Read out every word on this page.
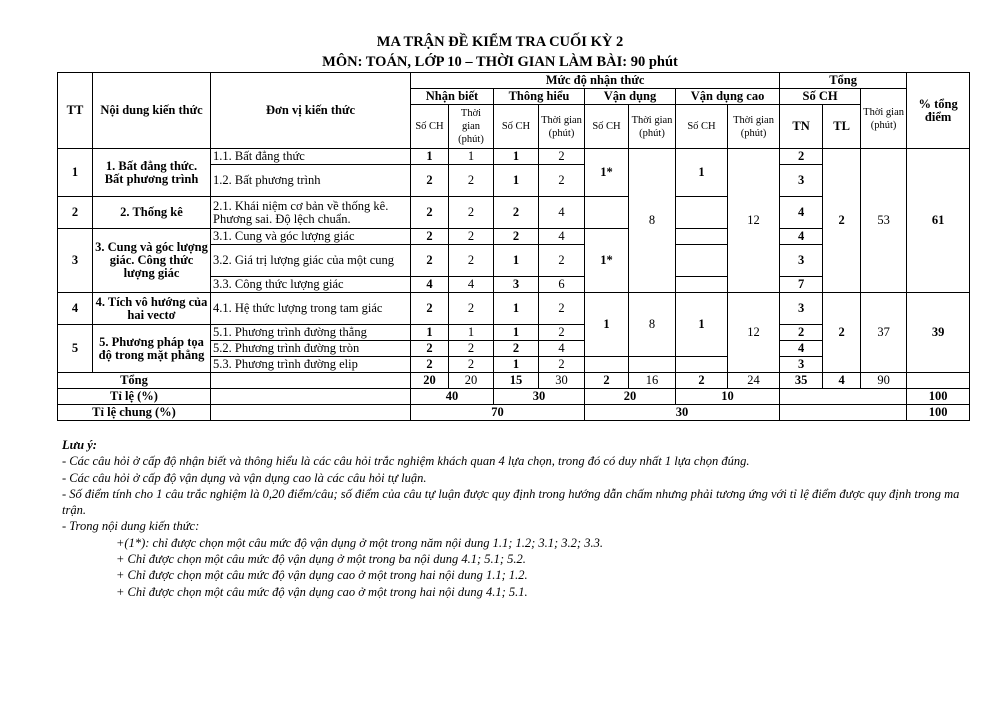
MA TRẬN ĐỀ KIỂM TRA CUỐI KỲ 2
MÔN: TOÁN, LỚP 10 – THỜI GIAN LÀM BÀI: 90 phút
TT	Nội dung kiến thức	Đơn vị kiến thức	Mức độ nhận thức								Tổng			% tổng điểm
			Nhận biết		Thông hiểu		Vận dụng		Vận dụng cao		Số CH		Thời gian (phút)	
			Số CH	Thời gian (phút)	Số CH	Thời gian (phút)	Số CH	Thời gian (phút)	Số CH	Thời gian (phút)	TN	TL		
1	1. Bất đẳng thức. Bất phương trình	1.1. Bất đẳng thức	1	1	1	2	1*	8	1	12	2	2	53	61
		1.2. Bất phương trình	2	2	1	2					3			
2	2. Thống kê	2.1. Khái niệm cơ bản về thống kê. Phương sai. Độ lệch chuẩn.	2	2	2	4					4			
3	3. Cung và góc lượng giác. Công thức lượng giác	3.1. Cung và góc lượng giác	2	2	2	4	1*				4			
		3.2. Giá trị lượng giác của một cung	2	2	1	2					3			
		3.3. Công thức lượng giác	4	4	3	6					7			
4	4. Tích vô hướng của hai vectơ	4.1. Hệ thức lượng trong tam giác	2	2	1	2	1	8	1	12	3	2	37	39
5	5. Phương pháp tọa độ trong mặt phẳng	5.1. Phương trình đường thẳng	1	1	1	2					2			
		5.2. Phương trình đường tròn	2	2	2	4					4			
		5.3. Phương trình đường elip	2	2	1	2					3			
Tổng			20	20	15	30	2	16	2	24	35	4	90	
Tỉ lệ (%)			40		30		20		10					100
Tỉ lệ chung (%)			70				30							100
Lưu ý:
- Các câu hỏi ở cấp độ nhận biết và thông hiểu là các câu hỏi trắc nghiệm khách quan 4 lựa chọn, trong đó có duy nhất 1 lựa chọn đúng.
- Các câu hỏi ở cấp độ vận dụng và vận dụng cao là các câu hỏi tự luận.
- Số điểm tính cho 1 câu trắc nghiệm là 0,20 điểm/câu; số điểm của câu tự luận được quy định trong hướng dẫn chấm nhưng phải tương ứng với tỉ lệ điểm được quy định trong ma trận.
- Trong nội dung kiến thức:
+(1*): chỉ được chọn một câu mức độ vận dụng ở một trong năm nội dung 1.1; 1.2; 3.1; 3.2; 3.3.
+ Chỉ được chọn một câu mức độ vận dụng ở một trong ba nội dung 4.1; 5.1; 5.2.
+ Chỉ được chọn một câu mức độ vận dụng cao ở một trong hai nội dung 1.1; 1.2.
+ Chỉ được chọn một câu mức độ vận dụng cao ở một trong hai nội dung 4.1; 5.1.
